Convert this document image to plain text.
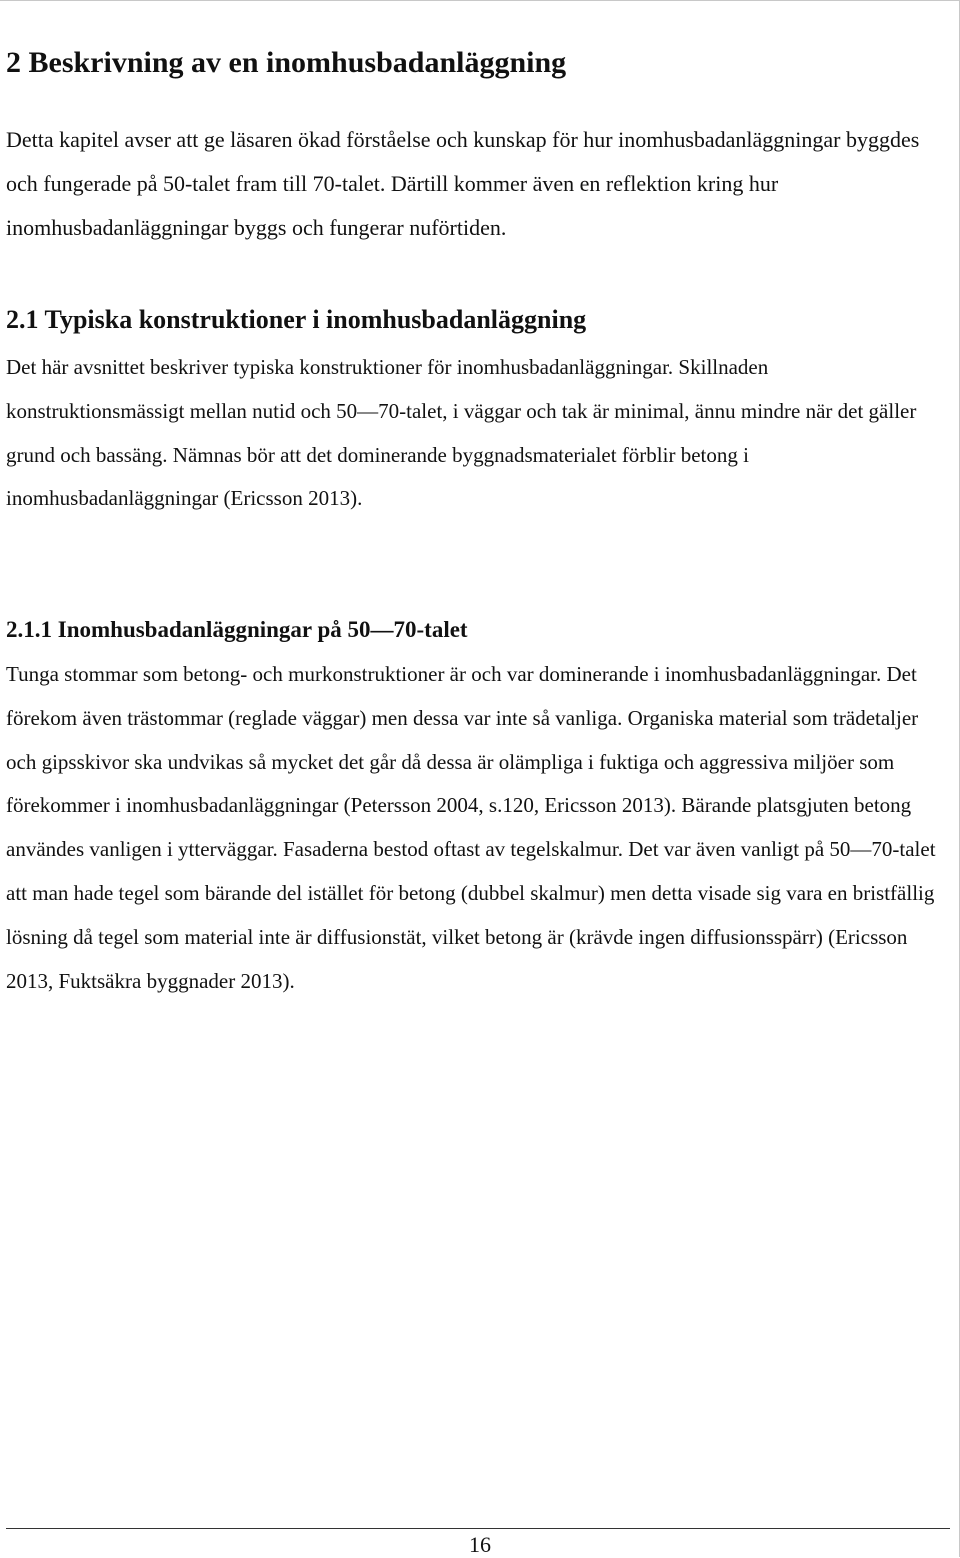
2 Beskrivning av en inomhusbadanläggning

Detta kapitel avser att ge läsaren ökad förståelse och kunskap för hur inomhusbadanläggningar byggdes och fungerade på 50-talet fram till 70-talet. Därtill kommer även en reflektion kring hur inomhusbadanläggningar byggs och fungerar nuförtiden.

2.1 Typiska konstruktioner i inomhusbadanläggning

Det här avsnittet beskriver typiska konstruktioner för inomhusbadanläggningar. Skillnaden konstruktionsmässigt mellan nutid och 50—70-talet, i väggar och tak är minimal, ännu mindre när det gäller grund och bassäng. Nämnas bör att det dominerande byggnadsmaterialet förblir betong i inomhusbadanläggningar (Ericsson 2013).

2.1.1 Inomhusbadanläggningar på 50—70-talet

Tunga stommar som betong- och murkonstruktioner är och var dominerande i inomhusbadanläggningar. Det förekom även trästommar (reglade väggar) men dessa var inte så vanliga. Organiska material som trädetaljer och gipsskivor ska undvikas så mycket det går då dessa är olämpliga i fuktiga och aggressiva miljöer som förekommer i inomhusbadanläggningar (Petersson 2004, s.120, Ericsson 2013). Bärande platsgjuten betong användes vanligen i ytterväggar. Fasaderna bestod oftast av tegelskalmur. Det var även vanligt på 50—70-talet att man hade tegel som bärande del istället för betong (dubbel skalmur) men detta visade sig vara en bristfällig lösning då tegel som material inte är diffusionstät, vilket betong är (krävde ingen diffusionsspärr) (Ericsson 2013, Fuktsäkra byggnader 2013).

16
